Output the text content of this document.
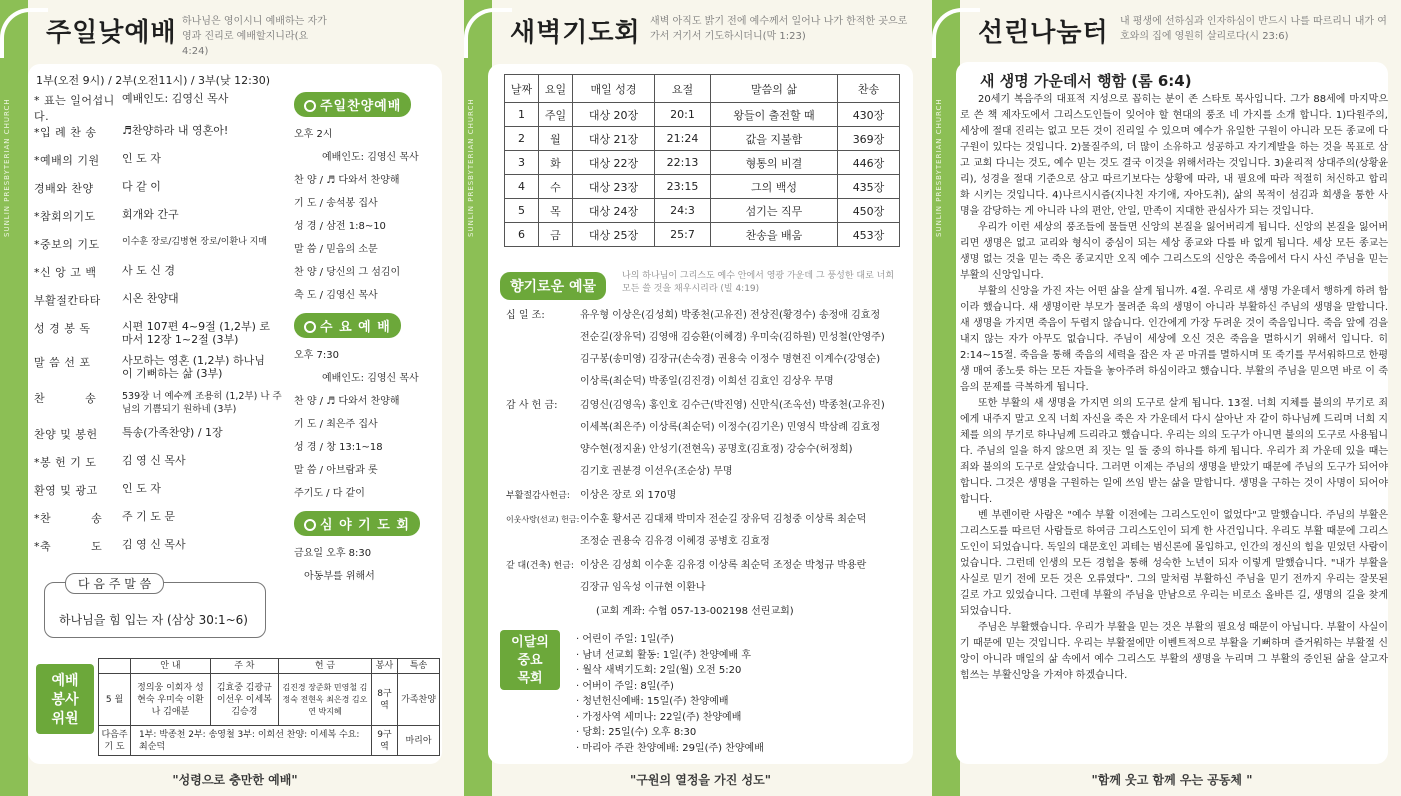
SUNLIN PRESBYTERIAN CHURCH
주일낮예배 하나님은 영이시니 예배하는 자가 영과 진리로 예배할지니라(요4:24)
1부(오전 9시) / 2부(오전11시) / 3부(낮 12:30)
* 표는 일어섭니다.
예배인도: 김영신 목사
*입 례 찬 송	♬찬양하라 내 영혼아!
*예배의 기원	인 도 자
경배와 찬양	다 같 이
*참회의기도	회개와 간구
*중보의 기도	이수훈 장로/김병현 장로/이환나 지매
*신 앙 고 백	사 도 신 경
부활절칸타타	시온 찬양대
성 경 봉 독	시편 107편 4~9절 (1,2부) 로마서 12장 1~2절 (3부)
말 씀 선 포	사모하는 영혼 (1,2부) 하나님이 기뻐하는 삶 (3부)
찬          송	539장 너 예수께 조용히 (1,2부) 나 주님의 기쁨되기 원하네 (3부)
찬양 및 봉헌	특송(가족찬양) / 1장
*봉 헌 기 도	김 영 신 목사
환영 및 광고	인 도 자
*찬          송	주 기 도 문
*축          도	김 영 신 목사
주일찬양예배
오후 2시
예배인도: 김영신 목사
찬 양 / ♬ 다와서 찬양해
기 도 / 송석봉 집사
성 경 / 삼전 1:8~10
말 씀 / 믿음의 소문
찬 양 / 당신의 그 섬김이
축 도 / 김영신 목사
수 요 예 배
오후 7:30
예배인도: 김영신 목사
찬 양 / ♬ 다와서 찬양해
기 도 / 최은주 집사
성 경 / 창 13:1~18
말 씀 / 아브람과 롯
주기도 / 다 같이
심 야 기 도 회
금요일 오후 8:30
아동부를 위해서
다 음 주 말 씀
하나님을 힘 입는 자 (삼상 30:1~6)
예배
봉사
위원
	안 내	주 차	헌 금	봉사	특송
5 월	정의웅 이회자 성현숙 우미숙 이환나 김애분	김효중 김광규 이선우 이세복 김승경	김진경 장준화 민영철 김정숙 전현옥 최은경 김오연 박지혜	8구역	가족찬양
다음주 기 도	1부: 박종천 2부: 송영철 3부: 이희선 찬양: 이세복 수요: 최순덕			9구역	마리아
"성령으로 충만한 예배"
SUNLIN PRESBYTERIAN CHURCH
새벽기도회 새벽 아직도 밝기 전에 예수께서 일어나 나가 한적한 곳으로 가서 거기서 기도하시더니(막 1:23)
날짜	요일	매일 성경	요절	말씀의 삶	찬송
1	주일	대상 20장	20:1	왕들이 출전할 때	430장
2	월	대상 21장	21:24	값을 지불함	369장
3	화	대상 22장	22:13	형통의 비결	446장
4	수	대상 23장	23:15	그의 백성	435장
5	목	대상 24장	24:3	섬기는 직무	450장
6	금	대상 25장	25:7	찬송을 배움	453장
향기로운 예물
나의 하나님이 그리스도 예수 안에서 영광 가운데 그 풍성한 대로 너희 모든 쓸 것을 채우시리라 (빌 4:19)
십 일 조:	유우형 이상은(김성희) 박종천(고유진) 전상진(황경수) 송정애 김효정
전순길(장유덕) 김영애 김승환(이혜경) 우미숙(김하원) 민성철(안영주)
김구봉(송미영) 김장규(손숙경) 권용숙 이정수 명현진 이계수(강영순)
이상록(최순덕) 박종일(김진경) 이희선 김효인 김상우 무명
감 사 헌 금:	김영신(김영옥) 홍인호 김수근(박진영) 신만식(조옥선) 박종천(고유진)
이세복(최은주) 이상록(최순덕) 이정수(김기은) 민영식 박삼례 김효정
양수현(정지윤) 안성기(전현옥) 공명호(김효정) 강승수(허정희)
김기호 권분경 이선우(조순상) 무명
부활절감사헌금:	이상은 장로 외 170명
이웃사랑(선교) 헌금: 이수훈 황서곤 김대채 박미자 전순길 장유덕 김청중 이상록 최순덕
조정순 권용숙 김유경 이혜경 공병호 김효정
같 대(건축) 헌금: 이상은 김성희 이수훈 김유경 이상록 최순덕 조정순 박청규 박용란
김장규 임옥성 이규현 이환나
(교회 계좌: 수협 057-13-002198 선린교회)
이달의
중요
목회
· 어린이 주일: 1일(주)
· 남녀 선교회 활동: 1일(주) 찬양예배 후
· 월삭 새벽기도회: 2일(월) 오전 5:20
· 어버이 주일: 8일(주)
· 청년헌신예배: 15일(주) 찬양예배
· 가정사역 세미나: 22일(주) 찬양예배
· 당회: 25일(수) 오후 8:30
· 마리아 주관 찬양예배: 29일(주) 찬양예배
"구원의 열정을 가진 성도"
SUNLIN PRESBYTERIAN CHURCH
선린나눔터 내 평생에 선하심과 인자하심이 반드시 나를 따르리니 내가 여호와의 집에 영원히 살리로다(시 23:6)
새 생명 가운데서 행함 (롬 6:4)

20세기 복음주의 대표적 지성으로 꼽히는 분이 존 스타토 목사입니다. 그가 88세에 마지막으로 쓴 책 제자도에서 그리스도인들이 잊어야 할 현대의 풍조 네 가지를 소개 합니다. 1)다원주의, 세상에 절대 진리는 없고 모든 것이 진리일 수 있으며 예수가 유일한 구원이 아니라 모든 종교에 다 구원이 있다는 것입니다. 2)물질주의, 더 많이 소유하고 성공하고 자기계발을 하는 것을 목표로 삼고 교회 다니는 것도, 예수 믿는 것도 결국 이것을 위해서라는 것입니다. 3)윤리적 상대주의(상황윤리), 성경을 절대 기준으로 삼고 따르기보다는 상황에 따라, 내 필요에 따라 적절히 처신하고 합리화 시키는 것입니다. 4)나르시시즘(지나친 자기애, 자아도취), 삶의 목적이 섬김과 희생을 통한 사명을 감당하는 게 아니라 나의 편안, 안일, 만족이 지대한 관심사가 되는 것입니다.

우리가 이런 세상의 풍조들에 물들면 신앙의 본질을 잃어버리게 됩니다. 신앙의 본질을 잃어버리면 생명은 없고 교리와 형식이 중심이 되는 세상 종교와 다를 바 없게 됩니다. 세상 모든 종교는 생명 없는 것을 믿는 죽은 종교지만 오직 예수 그리스도의 신앙은 죽음에서 다시 사신 주님을 믿는 부활의 신앙입니다.

부활의 신앙을 가진 자는 어떤 삶을 살게 됩니까. 4절. 우리로 새 생명 가운데서 행하게 하려 함이라 했습니다. 새 생명이란 부모가 물려준 육의 생명이 아니라 부활하신 주님의 생명을 말합니다. 새 생명을 가지면 죽음이 두렵지 않습니다. 인간에게 가장 두려운 것이 죽음입니다. 죽음 앞에 검을 내지 않는 자가 아무도 없습니다. 주님이 세상에 오신 것은 죽음을 멸하시기 위해서 입니다. 히 2:14~15절. 죽음을 통해 죽음의 세력을 잡은 자 곧 마귀를 멸하시며 또 죽기를 무서워하므로 한평생 매여 종노릇 하는 모든 자들을 놓아주려 하심이라고 했습니다. 부활의 주님을 믿으면 바로 이 죽음의 문제를 극복하게 됩니다.

또한 부활의 새 생명을 가지면 의의 도구로 살게 됩니다. 13절. 너희 지체를 불의의 무기로 죄에게 내주지 말고 오직 너희 자신을 죽은 자 가운데서 다시 살아난 자 같이 하나님께 드리며 너희 지체를 의의 무기로 하나님께 드리라고 했습니다. 우리는 의의 도구가 아니면 불의의 도구로 사용됩니다. 주님의 일을 하지 않으면 죄 짓는 일 둘 중의 하나를 하게 됩니다. 우리가 죄 가운데 있을 때는 죄와 불의의 도구로 살았습니다. 그러면 이제는 주님의 생명을 받았기 때문에 주님의 도구가 되어야 합니다. 그것은 생명을 구원하는 일에 쓰임 받는 삶을 말합니다. 생명을 구하는 것이 사명이 되어야 합니다.

벤 부렌이란 사람은 "예수 부활 이전에는 그리스도인이 없었다"고 말했습니다. 주님의 부활은 그리스도를 따르던 사람들로 하여금 그리스도인이 되게 한 사건입니다. 우리도 부활 때문에 그리스도인이 되었습니다. 독일의 대문호인 괴테는 범신론에 몰입하고, 인간의 정신의 힘을 믿었던 사람이었습니다. 그런데 인생의 모든 경험을 통해 성숙한 노년이 되자 이렇게 말했습니다. "내가 부활을 사실로 믿기 전에 모든 것은 오류였다". 그의 말처럼 부활하신 주님을 믿기 전까지 우리는 잘못된 길로 가고 있었습니다. 그런데 부활의 주님을 만남으로 우리는 비로소 올바른 길, 생명의 길을 찾게 되었습니다.

주님은 부활했습니다. 우리가 부활을 믿는 것은 부활의 필요성 때문이 아닙니다. 부활이 사실이기 때문에 믿는 것입니다. 우리는 부활절에만 이벤트적으로 부활을 기뻐하며 즐거워하는 부활절 신앙이 아니라 매일의 삶 속에서 예수 그리스도 부활의 생명을 누리며 그 부활의 증인된 삶을 살고자 힘쓰는 부활신앙을 가져야 하겠습니다.

"함께 웃고 함께 우는 공동체 "
